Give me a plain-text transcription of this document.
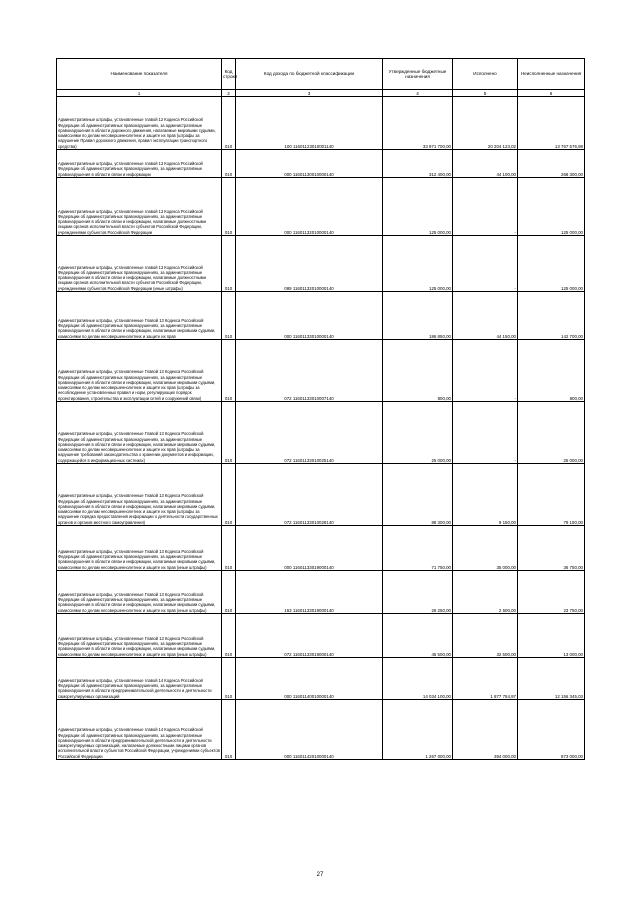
Наименование показателя	Код строки	Код дохода по бюджетной классификации	Утвержденные бюджетные назначения	Исполнено	Неисполненные назначения
1	2	3	4	5	6
Административные штрафы, установленные главой 12 Кодекса Российской Федерации об административных правонарушениях, за административные правонарушения в области дорожного движения, налагаемые мировыми судьями, комиссиями по делам несовершеннолетних и защите их прав (штрафы за нарушение Правил дорожного движения, правил эксплуатации транспортного средства)	010	100 11601123010001140	33 971 700,00	20 204 123,02	13 767 576,98
Административные штрафы, установленные главой 13 Кодекса Российской Федерации об административных правонарушениях, за административные правонарушения в области связи и информации	010	000 11601130010000140	312 400,00	44 100,00	268 300,00
Административные штрафы, установленные главой 13 Кодекса Российской Федерации об административных правонарушениях, за административные правонарушения в области связи и информации, налагаемые должностными лицами органов исполнительной власти субъектов Российской Федерации, учреждениями субъектов Российской Федерации	010	000 11601132010000140	125 000,00	-	125 000,00
Административные штрафы, установленные главой 13 Кодекса Российской Федерации об административных правонарушениях, за административные правонарушения в области связи и информации, налагаемые должностными лицами органов исполнительной власти субъектов Российской Федерации, учреждениями субъектов Российской Федерации (иные штрафы)	010	089 11601132010000140	125 000,00	-	125 000,00
Административные штрафы, установленные Главой 13 Кодекса Российской Федерации об административных правонарушениях, за административные правонарушения в области связи и информации, налагаемые мировыми судьями, комиссиями по делам несовершеннолетних и защите их прав	010	000 11601133010000140	186 850,00	44 150,00	142 700,00
Административные штрафы, установленные Главой 13 Кодекса Российской Федерации об административных правонарушениях, за административные правонарушения в области связи и информации, налагаемые мировыми судьями, комиссиями по делам несовершеннолетних и защите их прав (штрафы за несоблюдение установленных правил и норм, регулирующих порядок проектирования, строительства и эксплуатации сетей и сооружений связи)	010	072 11601133010007140	800,00	-	800,00
Административные штрафы, установленные Главой 13 Кодекса Российской Федерации об административных правонарушениях, за административные правонарушения в области связи и информации, налагаемые мировыми судьями, комиссиями по делам несовершеннолетних и защите их прав (штрафы за нарушение требований законодательства о хранении документов и информации, содержащейся в информационных системах)	010	072 11601133010025140	25 000,00	-	25 000,00
Административные штрафы, установленные Главой 13 Кодекса Российской Федерации об административных правонарушениях, за административные правонарушения в области связи и информации, налагаемые мировыми судьями, комиссиями по делам несовершеннолетних и защите их прав (штрафы за нарушение порядка предоставления информации о деятельности государственных органов и органов местного самоуправления)	010	072 11601133010028140	88 300,00	9 150,00	79 150,00
Административные штрафы, установленные Главой 13 Кодекса Российской Федерации об административных правонарушениях, за административные правонарушения в области связи и информации, налагаемые мировыми судьями, комиссиями по делам несовершеннолетних и защите их прав (иные штрафы)	010	000 11601133019000140	71 750,00	35 000,00	36 750,00
Административные штрафы, установленные Главой 13 Кодекса Российской Федерации об административных правонарушениях, за административные правонарушения в области связи и информации, налагаемые мировыми судьями, комиссиями по делам несовершеннолетних и защите их прав (иные штрафы)	010	153 11601133019000140	26 250,00	2 500,00	23 750,00
Административные штрафы, установленные Главой 13 Кодекса Российской Федерации об административных правонарушениях, за административные правонарушения в области связи и информации, налагаемые мировыми судьями, комиссиями по делам несовершеннолетних и защите их прав (иные штрафы)	010	072 11601133019000140	45 500,00	32 500,00	13 000,00
Административные штрафы, установленные главой 14 Кодекса Российской Федерации об административных правонарушениях, за административные правонарушения в области предпринимательской деятельности и деятельности саморегулируемых организаций	010	000 11601140010000140	14 034 100,00	1 877 754,97	12 156 345,03
Административные штрафы, установленные главой 14 Кодекса Российской Федерации об административных правонарушениях, за административные правонарушения в области предпринимательской деятельности и деятельности саморегулируемых организаций, налагаемые должностными лицами органов исполнительной власти субъектов Российской Федерации, учреждениями субъектов Российской Федерации	010	000 11601142010000140	1 267 000,00	394 000,00	873 000,00
27
